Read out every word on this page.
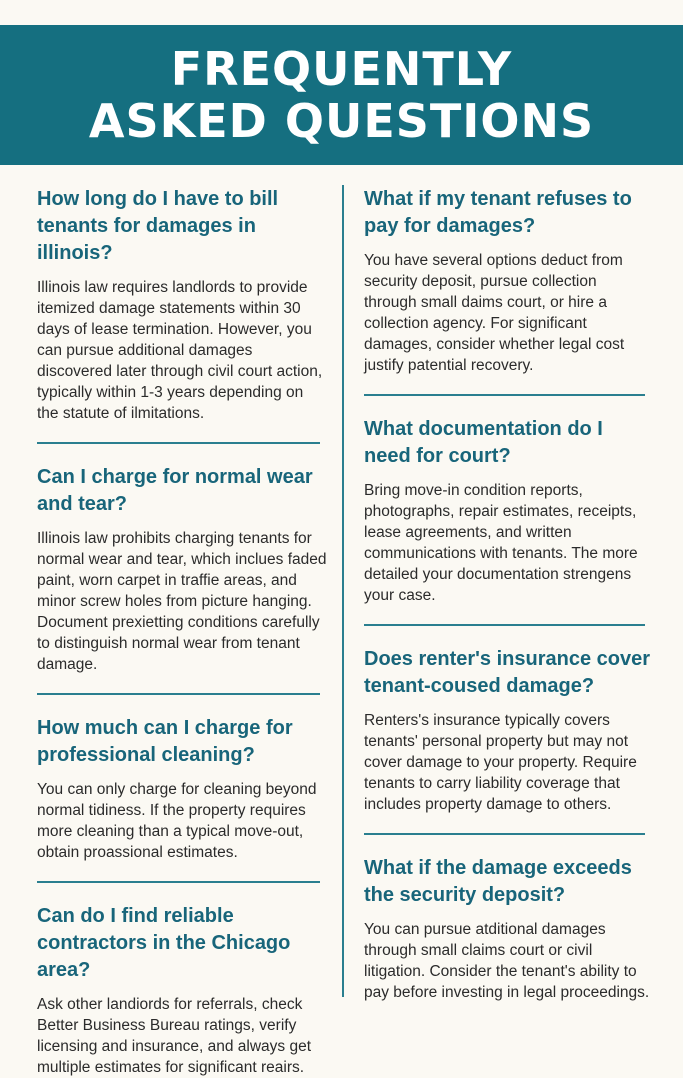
FREQUENTLY ASKED QUESTIONS
How long do I have to bill tenants for damages in illinois?

Illinois law requires landlords to provide itemized damage statements within 30 days of lease termination. However, you can pursue additional damages discovered later through civil court action, typically within 1-3 years depending on the statute of ilmitations.

Can I charge for normal wear and tear?

Illinois law prohibits charging tenants for normal wear and tear, which inclues faded paint, worn carpet in traffie areas, and minor screw holes from picture hanging. Document prexietting conditions carefully to distinguish normal wear from tenant damage.

How much can I charge for professional cleaning?

You can only charge for cleaning beyond normal tidiness. If the property requires more cleaning than a typical move-out, obtain proassional estimates.

Can do I find reliable contractors in the Chicago area?

Ask other landiords for referrals, check Better Business Bureau ratings, verify licensing and insurance, and always get multiple estimates for significant reairs.

What if my tenant refuses to pay for damages?

You have several options deduct from security deposit, pursue collection through small daims court, or hire a collection agency. For significant damages, consider whether legal cost justify patential recovery.

What documentation do I need for court?

Bring move-in condition reports, photographs, repair estimates, receipts, lease agreements, and written communications with tenants. The more detailed your documentation strengens your case.

Does renter's insurance cover tenant-coused damage?

Renters's insurance typically covers tenants' personal property but may not cover damage to your property. Require tenants to carry liability coverage that includes property damage to others.

What if the damage exceeds the security deposit?

You can pursue atditional damages through small claims court or civil litigation. Consider the tenant's ability to pay before investing in legal proceedings.
